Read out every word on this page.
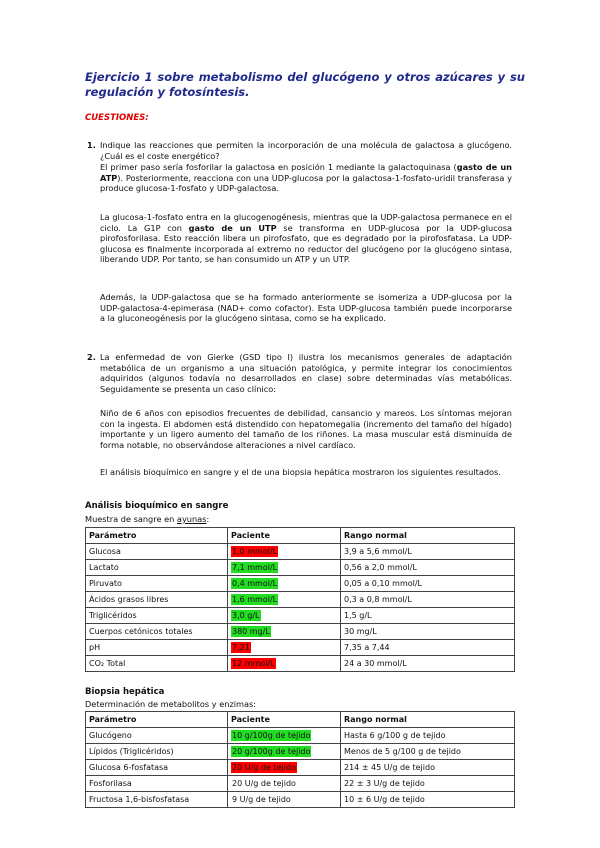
Ejercicio 1 sobre metabolismo del glucógeno y otros azúcares y su regulación y fotosíntesis.
CUESTIONES:
1. Indique las reacciones que permiten la incorporación de una molécula de galactosa a glucógeno. ¿Cuál es el coste energético?
El primer paso sería fosforilar la galactosa en posición 1 mediante la galactoquinasa (gasto de un ATP). Posteriormente, reacciona con una UDP-glucosa por la galactosa-1-fosfato-uridil transferasa y produce glucosa-1-fosfato y UDP-galactosa.
La glucosa-1-fosfato entra en la glucogenogénesis, mientras que la UDP-galactosa permanece en el ciclo. La G1P con gasto de un UTP se transforma en UDP-glucosa por la UDP-glucosa pirofosforilasa. Esto reacción libera un pirofosfato, que es degradado por la pirofosfatasa. La UDP-glucosa es finalmente incorporada al extremo no reductor del glucógeno por la glucógeno sintasa, liberando UDP. Por tanto, se han consumido un ATP y un UTP.
Además, la UDP-galactosa que se ha formado anteriormente se isomeriza a UDP-glucosa por la UDP-galactosa-4-epimerasa (NAD+ como cofactor). Esta UDP-glucosa también puede incorporarse a la gluconeogénesis por la glucógeno sintasa, como se ha explicado.
2. La enfermedad de von Gierke (GSD tipo I) ilustra los mecanismos generales de adaptación metabólica de un organismo a una situación patológica, y permite integrar los conocimientos adquiridos (algunos todavía no desarrollados en clase) sobre determinadas vías metabólicas. Seguidamente se presenta un caso clínico:
Niño de 6 años con episodios frecuentes de debilidad, cansancio y mareos. Los síntomas mejoran con la ingesta. El abdomen está distendido con hepatomegalia (incremento del tamaño del hígado) importante y un ligero aumento del tamaño de los riñones. La masa muscular está disminuida de forma notable, no observándose alteraciones a nivel cardíaco.
El análisis bioquímico en sangre y el de una biopsia hepática mostraron los siguientes resultados.
Análisis bioquímico en sangre
Muestra de sangre en ayunas:
Parámetro	Paciente	Rango normal
Glucosa	1,0 mmol/L	3,9 a 5,6 mmol/L
Lactato	7,1 mmol/L	0,56 a 2,0 mmol/L
Piruvato	0,4 mmol/L	0,05 a 0,10 mmol/L
Ácidos grasos libres	1,6 mmol/L	0,3 a 0,8 mmol/L
Triglicéridos	3,0 g/L	1,5 g/L
Cuerpos cetónicos totales	380 mg/L	30 mg/L
pH	7,21	7,35 a 7,44
CO₂ Total	12 mmol/L	24 a 30 mmol/L
Biopsia hepática
Determinación de metabolitos y enzimas:
Parámetro	Paciente	Rango normal
Glucógeno	10 g/100g de tejido	Hasta 6 g/100 g de tejido
Lípidos (Triglicéridos)	20 g/100g de tejido	Menos de 5 g/100 g de tejido
Glucosa 6-fosfatasa	20 U/g de tejido	214 ± 45 U/g de tejido
Fosforilasa	20 U/g de tejido	22 ± 3 U/g de tejido
Fructosa 1,6-bisfosfatasa	9 U/g de tejido	10 ± 6 U/g de tejido
